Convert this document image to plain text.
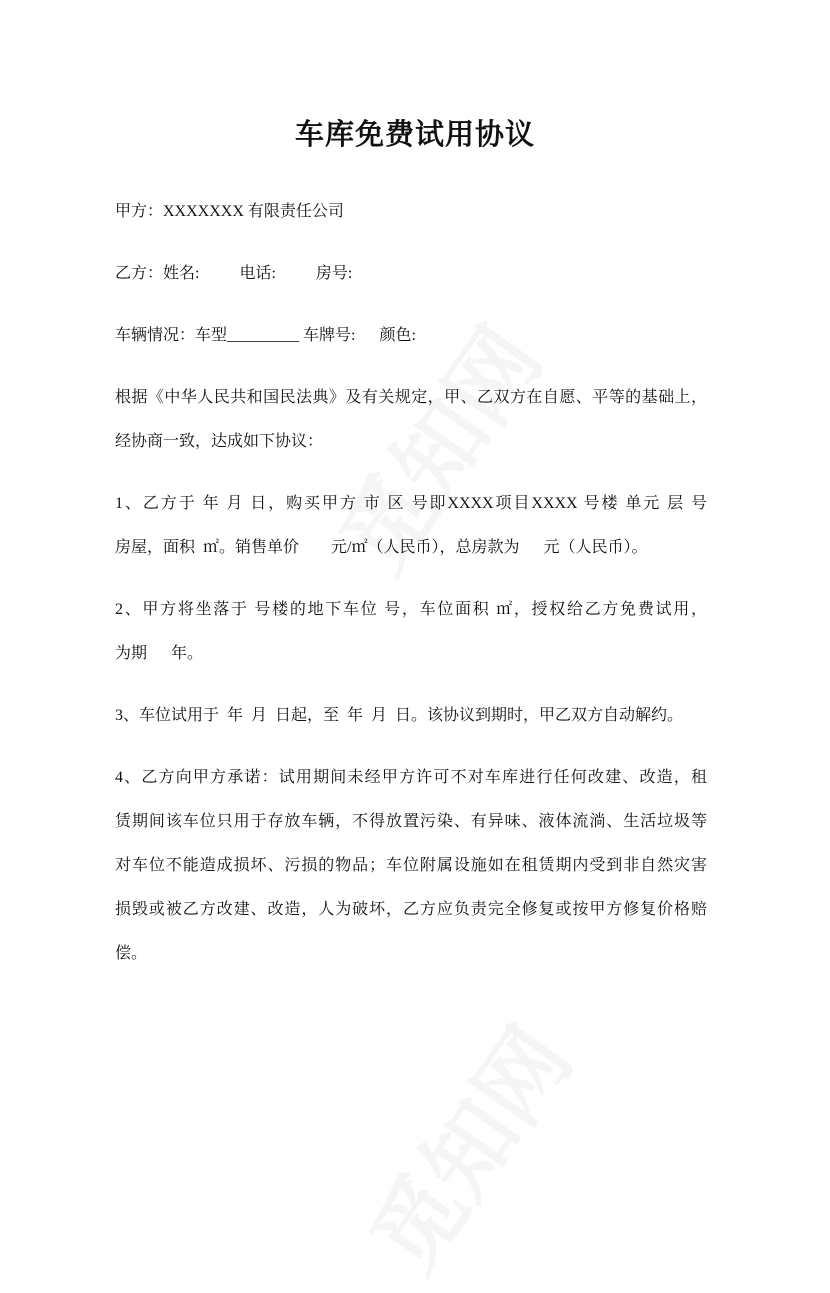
车库免费试用协议
甲方：XXXXXXX 有限责任公司
乙方：姓名:          电话:          房号:
车辆情况：车型_________ 车牌号:      颜色:
根据《中华人民共和国民法典》及有关规定，甲、乙双方在自愿、平等的基础上，
经协商一致，达成如下协议：
1、乙方于 年 月 日，购买甲方 市 区 号即XXXX项目XXXX 号楼 单元 层 号
房屋，面积  ㎡。销售单价        元/㎡（人民币），总房款为      元（人民币）。
2、甲方将坐落于 号楼的地下车位 号，车位面积 ㎡，授权给乙方免费试用，
为期      年。
3、车位试用于  年  月  日起，至  年  月  日。该协议到期时，甲乙双方自动解约。
4、乙方向甲方承诺：试用期间未经甲方许可不对车库进行任何改建、改造，租
赁期间该车位只用于存放车辆，不得放置污染、有异味、液体流淌、生活垃圾等
对车位不能造成损坏、污损的物品；车位附属设施如在租赁期内受到非自然灾害
损毁或被乙方改建、改造，人为破坏，乙方应负责完全修复或按甲方修复价格赔
偿。
